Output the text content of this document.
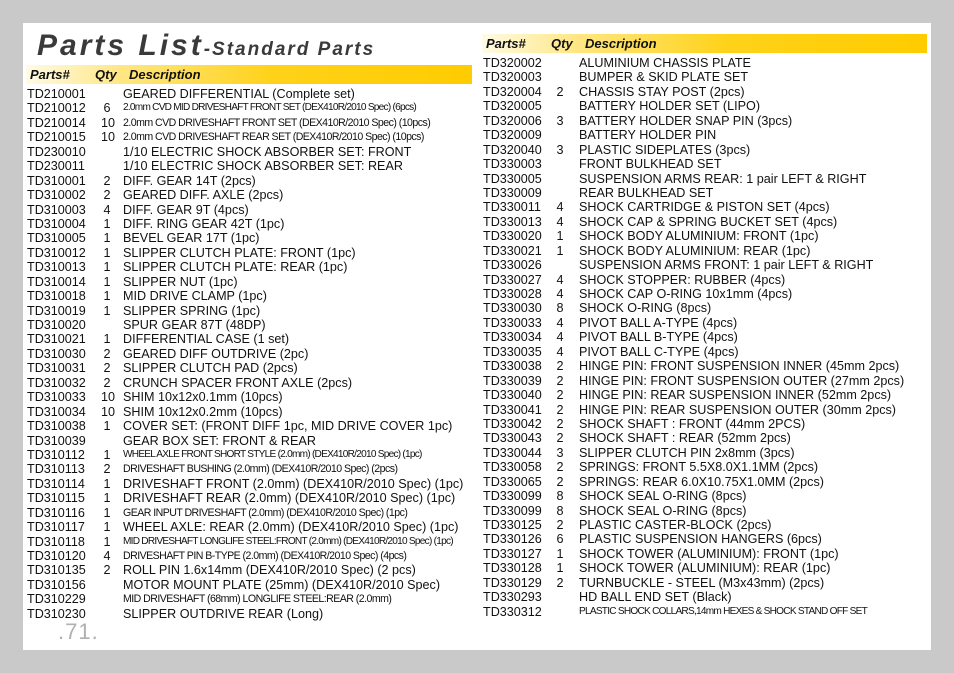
Parts List-Standard Parts
Parts# Qty Description
TD210001	GEARED DIFFERENTIAL (Complete set)
TD210012 6 2.0mm CVD MID DRIVESHAFT FRONT SET (DEX410R/2010 Spec) (6pcs)
TD210014 10 2.0mm CVD DRIVESHAFT FRONT SET (DEX410R/2010 Spec) (10pcs)
TD210015 10 2.0mm CVD DRIVESHAFT REAR SET (DEX410R/2010 Spec) (10pcs)
TD230010	1/10 ELECTRIC SHOCK ABSORBER SET: FRONT
TD230011	1/10 ELECTRIC SHOCK ABSORBER SET: REAR
TD310001 2 DIFF. GEAR 14T (2pcs)
TD310002 2 GEARED DIFF. AXLE (2pcs)
TD310003 4 DIFF. GEAR 9T (4pcs)
TD310004 1 DIFF. RING GEAR 42T (1pc)
TD310005 1 BEVEL GEAR 17T (1pc)
TD310012 1 SLIPPER CLUTCH PLATE: FRONT (1pc)
TD310013 1 SLIPPER CLUTCH PLATE: REAR (1pc)
TD310014 1 SLIPPER NUT (1pc)
TD310018 1 MID DRIVE CLAMP (1pc)
TD310019 1 SLIPPER SPRING (1pc)
TD310020	SPUR GEAR 87T (48DP)
TD310021 1 DIFFERENTIAL CASE (1 set)
TD310030 2 GEARED DIFF OUTDRIVE (2pc)
TD310031 2 SLIPPER CLUTCH PAD (2pcs)
TD310032 2 CRUNCH SPACER FRONT AXLE (2pcs)
TD310033 10 SHIM 10x12x0.1mm (10pcs)
TD310034 10 SHIM 10x12x0.2mm (10pcs)
TD310038 1 COVER SET: (FRONT DIFF 1pc, MID DRIVE COVER 1pc)
TD310039	GEAR BOX SET: FRONT & REAR
TD310112 1 WHEEL AXLE FRONT SHORT STYLE (2.0mm) (DEX410R/2010 Spec) (1pc)
TD310113 2 DRIVESHAFT BUSHING (2.0mm) (DEX410R/2010 Spec) (2pcs)
TD310114 1 DRIVESHAFT FRONT (2.0mm) (DEX410R/2010 Spec) (1pc)
TD310115 1 DRIVESHAFT REAR (2.0mm) (DEX410R/2010 Spec) (1pc)
TD310116 1 GEAR INPUT DRIVESHAFT (2.0mm) (DEX410R/2010 Spec) (1pc)
TD310117 1 WHEEL AXLE: REAR (2.0mm) (DEX410R/2010 Spec) (1pc)
TD310118 1 MID DRIVESHAFT LONGLIFE STEEL:FRONT (2.0mm) (DEX410R/2010 Spec) (1pc)
TD310120 4 DRIVESHAFT PIN B-TYPE (2.0mm) (DEX410R/2010 Spec) (4pcs)
TD310135 2 ROLL PIN 1.6x14mm (DEX410R/2010 Spec) (2 pcs)
TD310156	MOTOR MOUNT PLATE (25mm) (DEX410R/2010 Spec)
TD310229	MID DRIVESHAFT (68mm) LONGLIFE STEEL:REAR (2.0mm)
TD310230	SLIPPER OUTDRIVE REAR (Long)
Parts# Qty Description
TD320002	ALUMINIUM CHASSIS PLATE
TD320003	BUMPER & SKID PLATE SET
TD320004 2 CHASSIS STAY POST (2pcs)
TD320005	BATTERY HOLDER SET (LIPO)
TD320006 3 BATTERY HOLDER SNAP PIN (3pcs)
TD320009	BATTERY HOLDER PIN
TD320040 3 PLASTIC SIDEPLATES (3pcs)
TD330003	FRONT BULKHEAD SET
TD330005	SUSPENSION ARMS REAR: 1 pair LEFT & RIGHT
TD330009	REAR BULKHEAD SET
TD330011 4 SHOCK CARTRIDGE & PISTON SET (4pcs)
TD330013 4 SHOCK CAP & SPRING BUCKET SET (4pcs)
TD330020 1 SHOCK BODY ALUMINIUM: FRONT (1pc)
TD330021 1 SHOCK BODY ALUMINIUM: REAR (1pc)
TD330026	SUSPENSION ARMS FRONT: 1 pair LEFT & RIGHT
TD330027 4 SHOCK STOPPER: RUBBER (4pcs)
TD330028 4 SHOCK CAP O-RING 10x1mm (4pcs)
TD330030 8 SHOCK O-RING (8pcs)
TD330033 4 PIVOT BALL A-TYPE (4pcs)
TD330034 4 PIVOT BALL B-TYPE (4pcs)
TD330035 4 PIVOT BALL C-TYPE (4pcs)
TD330038 2 HINGE PIN: FRONT SUSPENSION INNER (45mm 2pcs)
TD330039 2 HINGE PIN: FRONT SUSPENSION OUTER (27mm 2pcs)
TD330040 2 HINGE PIN: REAR SUSPENSION INNER (52mm 2pcs)
TD330041 2 HINGE PIN: REAR SUSPENSION OUTER (30mm 2pcs)
TD330042 2 SHOCK SHAFT : FRONT (44mm 2PCS)
TD330043 2 SHOCK SHAFT : REAR (52mm 2pcs)
TD330044 3 SLIPPER CLUTCH PIN 2x8mm (3pcs)
TD330058 2 SPRINGS: FRONT 5.5X8.0X1.1MM (2pcs)
TD330065 2 SPRINGS: REAR 6.0X10.75X1.0MM (2pcs)
TD330099 8 SHOCK SEAL O-RING (8pcs)
TD330099 8 SHOCK SEAL O-RING (8pcs)
TD330125 2 PLASTIC CASTER-BLOCK (2pcs)
TD330126 6 PLASTIC SUSPENSION HANGERS (6pcs)
TD330127 1 SHOCK TOWER (ALUMINIUM): FRONT (1pc)
TD330128 1 SHOCK TOWER (ALUMINIUM): REAR (1pc)
TD330129 2 TURNBUCKLE - STEEL (M3x43mm) (2pcs)
TD330293	HD BALL END SET (Black)
TD330312	PLASTIC SHOCK COLLARS,14mm HEXES & SHOCK STAND OFF SET
.71.
